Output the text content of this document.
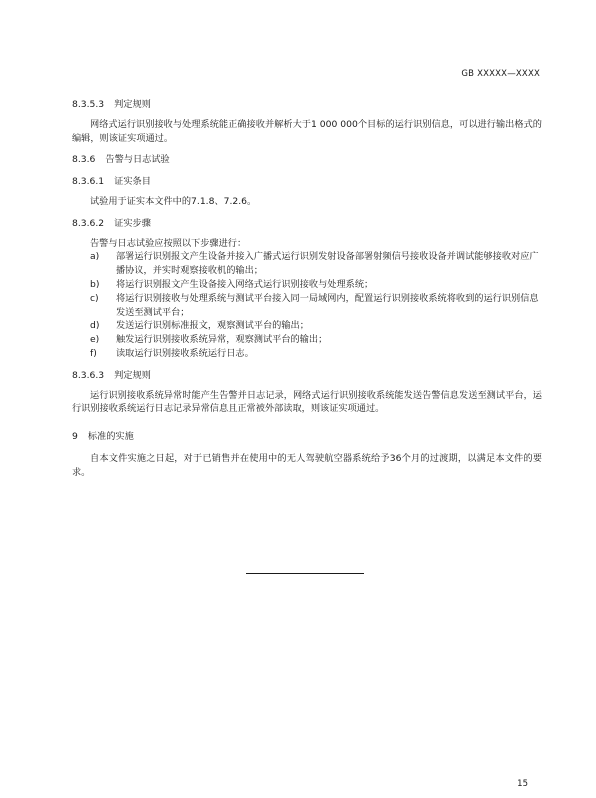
GB XXXXX—XXXX

8.3.5.3 判定规则

网络式运行识别接收与处理系统能正确接收并解析大于1 000 000个目标的运行识别信息，可以进行输出格式的编辑，则该证实项通过。

8.3.6 告警与日志试验

8.3.6.1 证实条目

试验用于证实本文件中的7.1.8、7.2.6。

8.3.6.2 证实步骤

告警与日志试验应按照以下步骤进行：

a) 部署运行识别报文产生设备并接入广播式运行识别发射设备部署射频信号接收设备并调试能够接收对应广播协议，并实时观察接收机的输出；
b) 将运行识别报文产生设备接入网络式运行识别接收与处理系统；
c) 将运行识别接收与处理系统与测试平台接入同一局域网内，配置运行识别接收系统将收到的运行识别信息发送至测试平台；
d) 发送运行识别标准报文，观察测试平台的输出；
e) 触发运行识别接收系统异常，观察测试平台的输出；
f) 读取运行识别接收系统运行日志。

8.3.6.3 判定规则

运行识别接收系统异常时能产生告警并日志记录，网络式运行识别接收系统能发送告警信息发送至测试平台，运行识别接收系统运行日志记录异常信息且正常被外部读取，则该证实项通过。

9 标准的实施

自本文件实施之日起，对于已销售并在使用中的无人驾驶航空器系统给予36个月的过渡期，以满足本文件的要求。

15
